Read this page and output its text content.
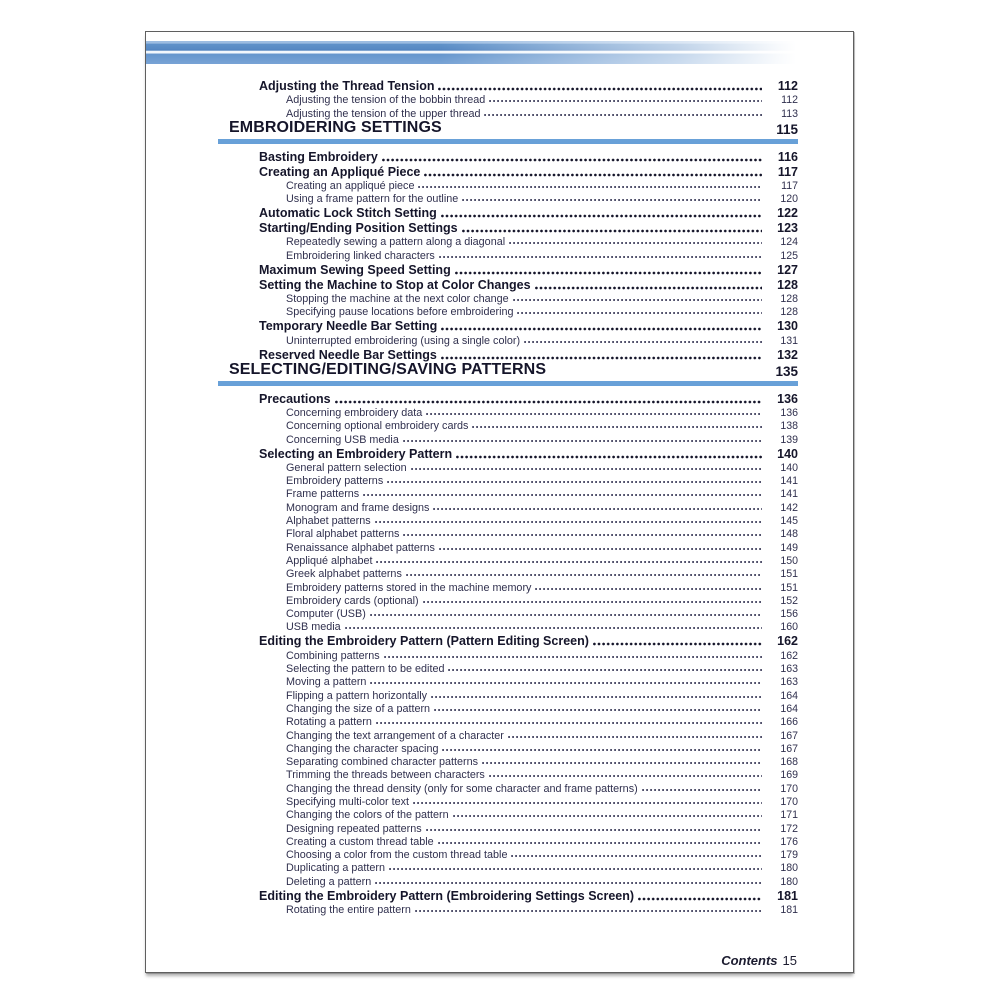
Adjusting the Thread Tension	112
Adjusting the tension of the bobbin thread	112
Adjusting the tension of the upper thread	113
EMBROIDERING SETTINGS	115
Basting Embroidery	116
Creating an Appliqué Piece	117
Creating an appliqué piece	117
Using a frame pattern for the outline	120
Automatic Lock Stitch Setting	122
Starting/Ending Position Settings	123
Repeatedly sewing a pattern along a diagonal	124
Embroidering linked characters	125
Maximum Sewing Speed Setting	127
Setting the Machine to Stop at Color Changes	128
Stopping the machine at the next color change	128
Specifying pause locations before embroidering	128
Temporary Needle Bar Setting	130
Uninterrupted embroidering (using a single color)	131
Reserved Needle Bar Settings	132
SELECTING/EDITING/SAVING PATTERNS	135
Precautions	136
Concerning embroidery data	136
Concerning optional embroidery cards	138
Concerning USB media	139
Selecting an Embroidery Pattern	140
General pattern selection	140
Embroidery patterns	141
Frame patterns	141
Monogram and frame designs	142
Alphabet patterns	145
Floral alphabet patterns	148
Renaissance alphabet patterns	149
Appliqué alphabet	150
Greek alphabet patterns	151
Embroidery patterns stored in the machine memory	151
Embroidery cards (optional)	152
Computer (USB)	156
USB media	160
Editing the Embroidery Pattern (Pattern Editing Screen)	162
Combining patterns	162
Selecting the pattern to be edited	163
Moving a pattern	163
Flipping a pattern horizontally	164
Changing the size of a pattern	164
Rotating a pattern	166
Changing the text arrangement of a character	167
Changing the character spacing	167
Separating combined character patterns	168
Trimming the threads between characters	169
Changing the thread density (only for some character and frame patterns)	170
Specifying multi-color text	170
Changing the colors of the pattern	171
Designing repeated patterns	172
Creating a custom thread table	176
Choosing a color from the custom thread table	179
Duplicating a pattern	180
Deleting a pattern	180
Editing the Embroidery Pattern (Embroidering Settings Screen)	181
Rotating the entire pattern	181
Contents 15
